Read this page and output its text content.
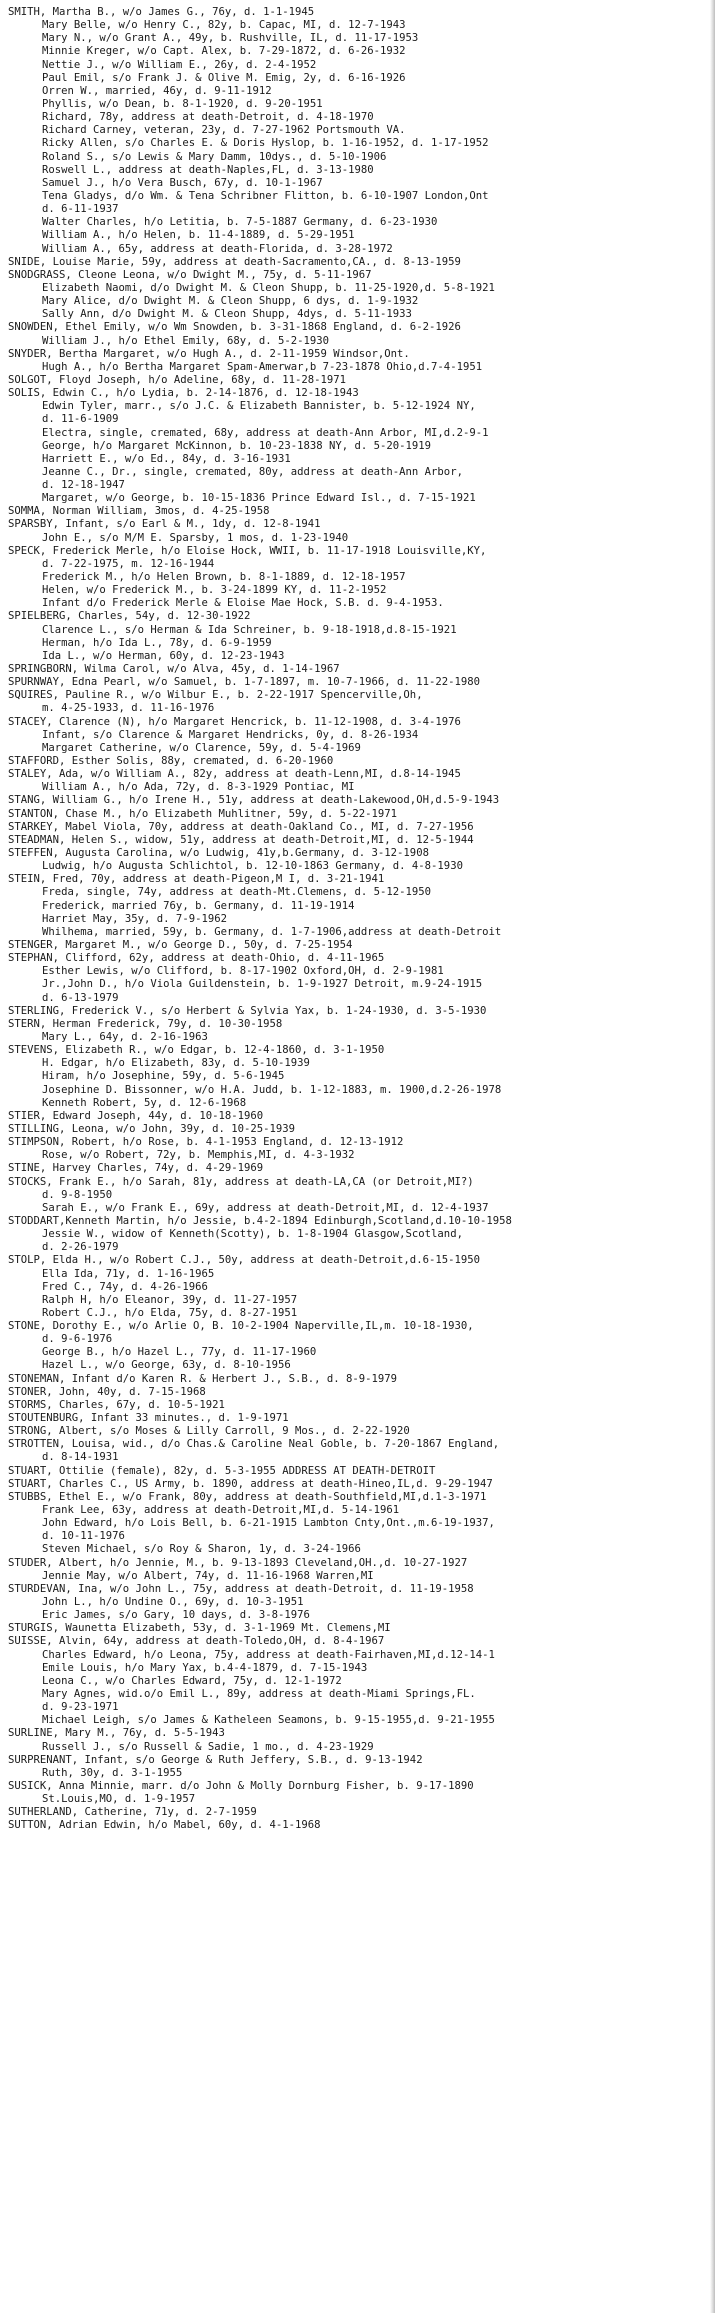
SMITH, Martha B., w/o James G., 76y, d. 1-1-1945
Mary Belle, w/o Henry C., 82y, b. Capac, MI, d. 12-7-1943
Mary N., w/o Grant A., 49y, b. Rushville, IL, d. 11-17-1953
Minnie Kreger, w/o Capt. Alex, b. 7-29-1872, d. 6-26-1932
Nettie J., w/o William E., 26y, d. 2-4-1952
Paul Emil, s/o Frank J. & Olive M. Emig, 2y, d. 6-16-1926
Orren W., married, 46y, d. 9-11-1912
Phyllis, w/o Dean, b. 8-1-1920, d. 9-20-1951
Richard, 78y, address at death-Detroit, d. 4-18-1970
Richard Carney, veteran, 23y, d. 7-27-1962 Portsmouth VA.
Ricky Allen, s/o Charles E. & Doris Hyslop, b. 1-16-1952, d. 1-17-1952
Roland S., s/o Lewis & Mary Damm, 10dys., d. 5-10-1906
Roswell L., address at death-Naples,FL, d. 3-13-1980
Samuel J., h/o Vera Busch, 67y, d. 10-1-1967
Tena Gladys, d/o Wm. & Tena Schribner Flitton, b. 6-10-1907 London,Ont
d. 6-11-1937
Walter Charles, h/o Letitia, b. 7-5-1887 Germany, d. 6-23-1930
William A., h/o Helen, b. 11-4-1889, d. 5-29-1951
William A., 65y, address at death-Florida, d. 3-28-1972
SNIDE, Louise Marie, 59y, address at death-Sacramento,CA., d. 8-13-1959
SNODGRASS, Cleone Leona, w/o Dwight M., 75y, d. 5-11-1967
Elizabeth Naomi, d/o Dwight M. & Cleon Shupp, b. 11-25-1920,d. 5-8-1921
Mary Alice, d/o Dwight M. & Cleon Shupp, 6 dys, d. 1-9-1932
Sally Ann, d/o Dwight M. & Cleon Shupp, 4dys, d. 5-11-1933
SNOWDEN, Ethel Emily, w/o Wm Snowden, b. 3-31-1868 England, d. 6-2-1926
William J., h/o Ethel Emily, 68y, d. 5-2-1930
SNYDER, Bertha Margaret, w/o Hugh A., d. 2-11-1959 Windsor,Ont.
Hugh A., h/o Bertha Margaret Spam-Amerwar,b 7-23-1878 Ohio,d.7-4-1951
SOLGOT, Floyd Joseph, h/o Adeline, 68y, d. 11-28-1971
SOLIS, Edwin C., h/o Lydia, b. 2-14-1876, d. 12-18-1943
Edwin Tyler, marr., s/o J.C. & Elizabeth Bannister, b. 5-12-1924 NY,
d. 11-6-1909
Electra, single, cremated, 68y, address at death-Ann Arbor, MI,d.2-9-1
George, h/o Margaret McKinnon, b. 10-23-1838 NY, d. 5-20-1919
Harriett E., w/o Ed., 84y, d. 3-16-1931
Jeanne C., Dr., single, cremated, 80y, address at death-Ann Arbor,
d. 12-18-1947
Margaret, w/o George, b. 10-15-1836 Prince Edward Isl., d. 7-15-1921
SOMMA, Norman William, 3mos, d. 4-25-1958
SPARSBY, Infant, s/o Earl & M., 1dy, d. 12-8-1941
John E., s/o M/M E. Sparsby, 1 mos, d. 1-23-1940
SPECK, Frederick Merle, h/o Eloise Hock, WWII, b. 11-17-1918 Louisville,KY,
d. 7-22-1975, m. 12-16-1944
Frederick M., h/o Helen Brown, b. 8-1-1889, d. 12-18-1957
Helen, w/o Frederick M., b. 3-24-1899 KY, d. 11-2-1952
Infant d/o Frederick Merle & Eloise Mae Hock, S.B. d. 9-4-1953.
SPIELBERG, Charles, 54y, d. 12-30-1922
Clarence L., s/o Herman & Ida Schreiner, b. 9-18-1918,d.8-15-1921
Herman, h/o Ida L., 78y, d. 6-9-1959
Ida L., w/o Herman, 60y, d. 12-23-1943
SPRINGBORN, Wilma Carol, w/o Alva, 45y, d. 1-14-1967
SPURNWAY, Edna Pearl, w/o Samuel, b. 1-7-1897, m. 10-7-1966, d. 11-22-1980
SQUIRES, Pauline R., w/o Wilbur E., b. 2-22-1917 Spencerville,Oh,
m. 4-25-1933, d. 11-16-1976
STACEY, Clarence (N), h/o Margaret Hencrick, b. 11-12-1908, d. 3-4-1976
Infant, s/o Clarence & Margaret Hendricks, 0y, d. 8-26-1934
Margaret Catherine, w/o Clarence, 59y, d. 5-4-1969
STAFFORD, Esther Solis, 88y, cremated, d. 6-20-1960
STALEY, Ada, w/o William A., 82y, address at death-Lenn,MI, d.8-14-1945
William A., h/o Ada, 72y, d. 8-3-1929 Pontiac, MI
STANG, William G., h/o Irene H., 51y, address at death-Lakewood,OH,d.5-9-1943
STANTON, Chase M., h/o Elizabeth Muhlitner, 59y, d. 5-22-1971
STARKEY, Mabel Viola, 70y, address at death-Oakland Co., MI, d. 7-27-1956
STEADMAN, Helen S., widow, 51y, address at death-Detroit,MI, d. 12-5-1944
STEFFEN, Augusta Carolina, w/o Ludwig, 41y,b.Germany, d. 3-12-1908
Ludwig, h/o Augusta Schlichtol, b. 12-10-1863 Germany, d. 4-8-1930
STEIN, Fred, 70y, address at death-Pigeon,M I, d. 3-21-1941
Freda, single, 74y, address at death-Mt.Clemens, d. 5-12-1950
Frederick, married 76y, b. Germany, d. 11-19-1914
Harriet May, 35y, d. 7-9-1962
Whilhema, married, 59y, b. Germany, d. 1-7-1906,address at death-Detroit
STENGER, Margaret M., w/o George D., 50y, d. 7-25-1954
STEPHAN, Clifford, 62y, address at death-Ohio, d. 4-11-1965
Esther Lewis, w/o Clifford, b. 8-17-1902 Oxford,OH, d. 2-9-1981
Jr.,John D., h/o Viola Guildenstein, b. 1-9-1927 Detroit, m.9-24-1915
d. 6-13-1979
STERLING, Frederick V., s/o Herbert & Sylvia Yax, b. 1-24-1930, d. 3-5-1930
STERN, Herman Frederick, 79y, d. 10-30-1958
Mary L., 64y, d. 2-16-1963
STEVENS, Elizabeth R., w/o Edgar, b. 12-4-1860, d. 3-1-1950
H. Edgar, h/o Elizabeth, 83y, d. 5-10-1939
Hiram, h/o Josephine, 59y, d. 5-6-1945
Josephine D. Bissonner, w/o H.A. Judd, b. 1-12-1883, m. 1900,d.2-26-1978
Kenneth Robert, 5y, d. 12-6-1968
STIER, Edward Joseph, 44y, d. 10-18-1960
STILLING, Leona, w/o John, 39y, d. 10-25-1939
STIMPSON, Robert, h/o Rose, b. 4-1-1953 England, d. 12-13-1912
Rose, w/o Robert, 72y, b. Memphis,MI, d. 4-3-1932
STINE, Harvey Charles, 74y, d. 4-29-1969
STOCKS, Frank E., h/o Sarah, 81y, address at death-LA,CA (or Detroit,MI?)
d. 9-8-1950
Sarah E., w/o Frank E., 69y, address at death-Detroit,MI, d. 12-4-1937
STODDART,Kenneth Martin, h/o Jessie, b.4-2-1894 Edinburgh,Scotland,d.10-10-1958
Jessie W., widow of Kenneth(Scotty), b. 1-8-1904 Glasgow,Scotland,
d. 2-26-1979
STOLP, Elda H., w/o Robert C.J., 50y, address at death-Detroit,d.6-15-1950
Ella Ida, 71y, d. 1-16-1965
Fred C., 74y, d. 4-26-1966
Ralph H, h/o Eleanor, 39y, d. 11-27-1957
Robert C.J., h/o Elda, 75y, d. 8-27-1951
STONE, Dorothy E., w/o Arlie O, B. 10-2-1904 Naperville,IL,m. 10-18-1930,
d. 9-6-1976
George B., h/o Hazel L., 77y, d. 11-17-1960
Hazel L., w/o George, 63y, d. 8-10-1956
STONEMAN, Infant d/o Karen R. & Herbert J., S.B., d. 8-9-1979
STONER, John, 40y, d. 7-15-1968
STORMS, Charles, 67y, d. 10-5-1921
STOUTENBURG, Infant 33 minutes., d. 1-9-1971
STRONG, Albert, s/o Moses & Lilly Carroll, 9 Mos., d. 2-22-1920
STROTTEN, Louisa, wid., d/o Chas.& Caroline Neal Goble, b. 7-20-1867 England,
d. 8-14-1931
STUART, Ottilie (female), 82y, d. 5-3-1955 ADDRESS AT DEATH-DETROIT
STUART, Charles C., US Army, b. 1890, address at death-Hineo,IL,d. 9-29-1947
STUBBS, Ethel E., w/o Frank, 80y, address at death-Southfield,MI,d.1-3-1971
Frank Lee, 63y, address at death-Detroit,MI,d. 5-14-1961
John Edward, h/o Lois Bell, b. 6-21-1915 Lambton Cnty,Ont.,m.6-19-1937,
d. 10-11-1976
Steven Michael, s/o Roy & Sharon, 1y, d. 3-24-1966
STUDER, Albert, h/o Jennie, M., b. 9-13-1893 Cleveland,OH.,d. 10-27-1927
Jennie May, w/o Albert, 74y, d. 11-16-1968 Warren,MI
STURDEVAN, Ina, w/o John L., 75y, address at death-Detroit, d. 11-19-1958
John L., h/o Undine O., 69y, d. 10-3-1951
Eric James, s/o Gary, 10 days, d. 3-8-1976
STURGIS, Waunetta Elizabeth, 53y, d. 3-1-1969 Mt. Clemens,MI
SUISSE, Alvin, 64y, address at death-Toledo,OH, d. 8-4-1967
Charles Edward, h/o Leona, 75y, address at death-Fairhaven,MI,d.12-14-1
Emile Louis, h/o Mary Yax, b.4-4-1879, d. 7-15-1943
Leona C., w/o Charles Edward, 75y, d. 12-1-1972
Mary Agnes, wid.o/o Emil L., 89y, address at death-Miami Springs,FL.
d. 9-23-1971
Michael Leigh, s/o James & Katheleen Seamons, b. 9-15-1955,d. 9-21-1955
SURLINE, Mary M., 76y, d. 5-5-1943
Russell J., s/o Russell & Sadie, 1 mo., d. 4-23-1929
SURPRENANT, Infant, s/o George & Ruth Jeffery, S.B., d. 9-13-1942
Ruth, 30y, d. 3-1-1955
SUSICK, Anna Minnie, marr. d/o John & Molly Dornburg Fisher, b. 9-17-1890
St.Louis,MO, d. 1-9-1957
SUTHERLAND, Catherine, 71y, d. 2-7-1959
SUTTON, Adrian Edwin, h/o Mabel, 60y, d. 4-1-1968
